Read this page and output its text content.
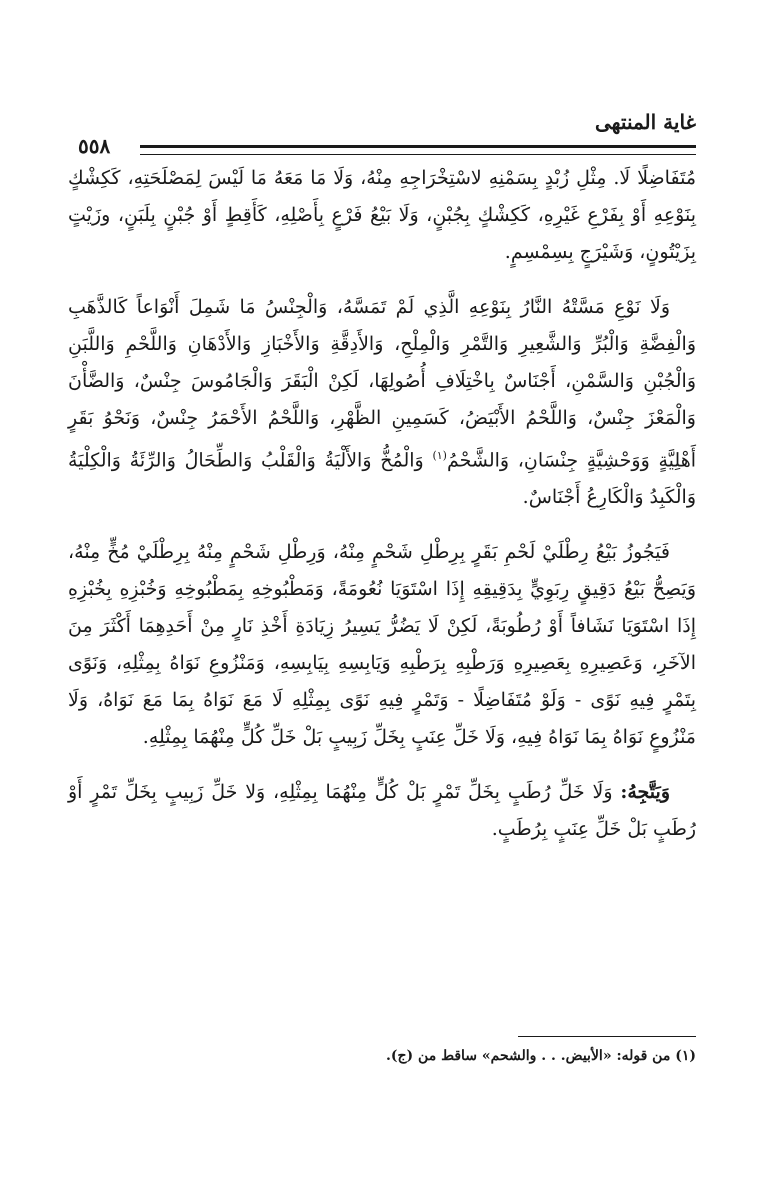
غاية المنتهى
٥٥٨

مُتَفَاضِلًا لَا. مِثْلِ زُبْدٍ بِسَمْنِهِ لاسْتِخْرَاجِهِ مِنْهُ، وَلَا مَا مَعَهُ مَا لَيْسَ لِمَصْلَحَتِهِ، كَكِشْكٍ بِنَوْعِهِ أَوْ بِفَرْعِ غَيْرِهِ، كَكِشْكٍ بِجُبْنٍ، وَلَا بَيْعُ فَرْعٍ بِأَصْلِهِ، كَأَقِطٍ أَوْ جُبْنٍ بِلَبَنٍ، وزَيْتٍ بِزَيْتُونٍ، وَشَيْرَجٍ بِسِمْسِمٍ.

وَلَا نَوْعِ مَسَّتْهُ النَّارُ بِنَوْعِهِ الَّذِي لَمْ تَمَسَّهُ، وَالْجِنْسُ مَا شَمِلَ أَنْوَاعاً كَالذَّهَبِ وَالْفِضَّةِ وَالْبُرِّ وَالشَّعِيرِ وَالتَّمْرِ وَالْمِلْحِ، وَالأَدِقَّةِ وَالأَخْبَازِ وَالأَدْهَانِ وَاللَّحْمِ وَاللَّبَنِ وَالْجُبْنِ وَالسَّمْنِ، أَجْنَاسٌ بِاخْتِلَافِ أُصُولِهَا، لَكِنْ الْبَقَرَ وَالْجَامُوسَ جِنْسٌ، وَالضَّأْنَ وَالْمَعْزَ جِنْسٌ، وَاللَّحْمُ الأَبْيَضُ، كَسَمِينِ الظَّهْرِ، وَاللَّحْمُ الأَحْمَرُ جِنْسٌ، وَنَحْوُ بَقَرٍ أَهْلِيَّةٍ وَوَحْشِيَّةٍ جِنْسَانِ، وَالشَّحْمُ$^{(١)}$ وَالْمُخُّ وَالأَلْيَةُ وَالْقَلْبُ وَالطِّحَالُ وَالرِّئَةُ وَالْكِلْيَةُ وَالْكَبِدُ وَالْكَارِعُ أَجْنَاسٌ.

فَيَجُوزُ بَيْعُ رِطْلَيْ لَحْمِ بَقَرٍ بِرِطْلِ شَحْمٍ مِنْهُ، وَرِطْلِ شَحْمٍ مِنْهُ بِرِطْلَيْ مُخٍّ مِنْهُ، وَيَصِحُّ بَيْعُ دَقِيقٍ رِبَوِيٍّ بِدَقِيقِهِ إِذَا اسْتَوَيَا نُعُومَةً، وَمَطْبُوخِهِ بِمَطْبُوخِهِ وَخُبْزِهِ بِخُبْزِهِ إِذَا اسْتَوَيَا نَشَافاً أَوْ رُطُوبَةً، لَكِنْ لَا يَضُرُّ يَسِيرُ زِيَادَةِ أَخْذِ نَارٍ مِنْ أَحَدِهِمَا أَكْثَرَ مِنَ الآخَرِ، وَعَصِيرِهِ بِعَصِيرِهِ وَرَطْبِهِ بِرَطْبِهِ وَيَابِسِهِ بِيَابِسِهِ، وَمَنْزُوعِ نَوَاهُ بِمِثْلِهِ، وَنَوًى بِتَمْرٍ فِيهِ نَوًى - وَلَوْ مُتَفَاضِلًا - وَتَمْرٍ فِيهِ نَوًى بِمِثْلِهِ لَا مَعَ نَوَاهُ بِمَا مَعَ نَوَاهُ، وَلَا مَنْزُوعٍ نَوَاهُ بِمَا نَوَاهُ فِيهِ، وَلَا خَلِّ عِنَبٍ بِخَلِّ زَبِيبٍ بَلْ خَلِّ كُلٍّ مِنْهُمَا بِمِثْلِهِ.

وَيَتَّجِهُ: وَلَا خَلِّ رُطَبٍ بِخَلِّ تَمْرٍ بَلْ كُلٍّ مِنْهُمَا بِمِثْلِهِ، وَلا خَلِّ زَبِيبٍ بِخَلِّ تَمْرٍ أَوْ رُطَبٍ بَلْ خَلِّ عِنَبٍ بِرُطَبٍ.

(١) من قوله: «الأبيض. . . والشحم» ساقط من (ج).
